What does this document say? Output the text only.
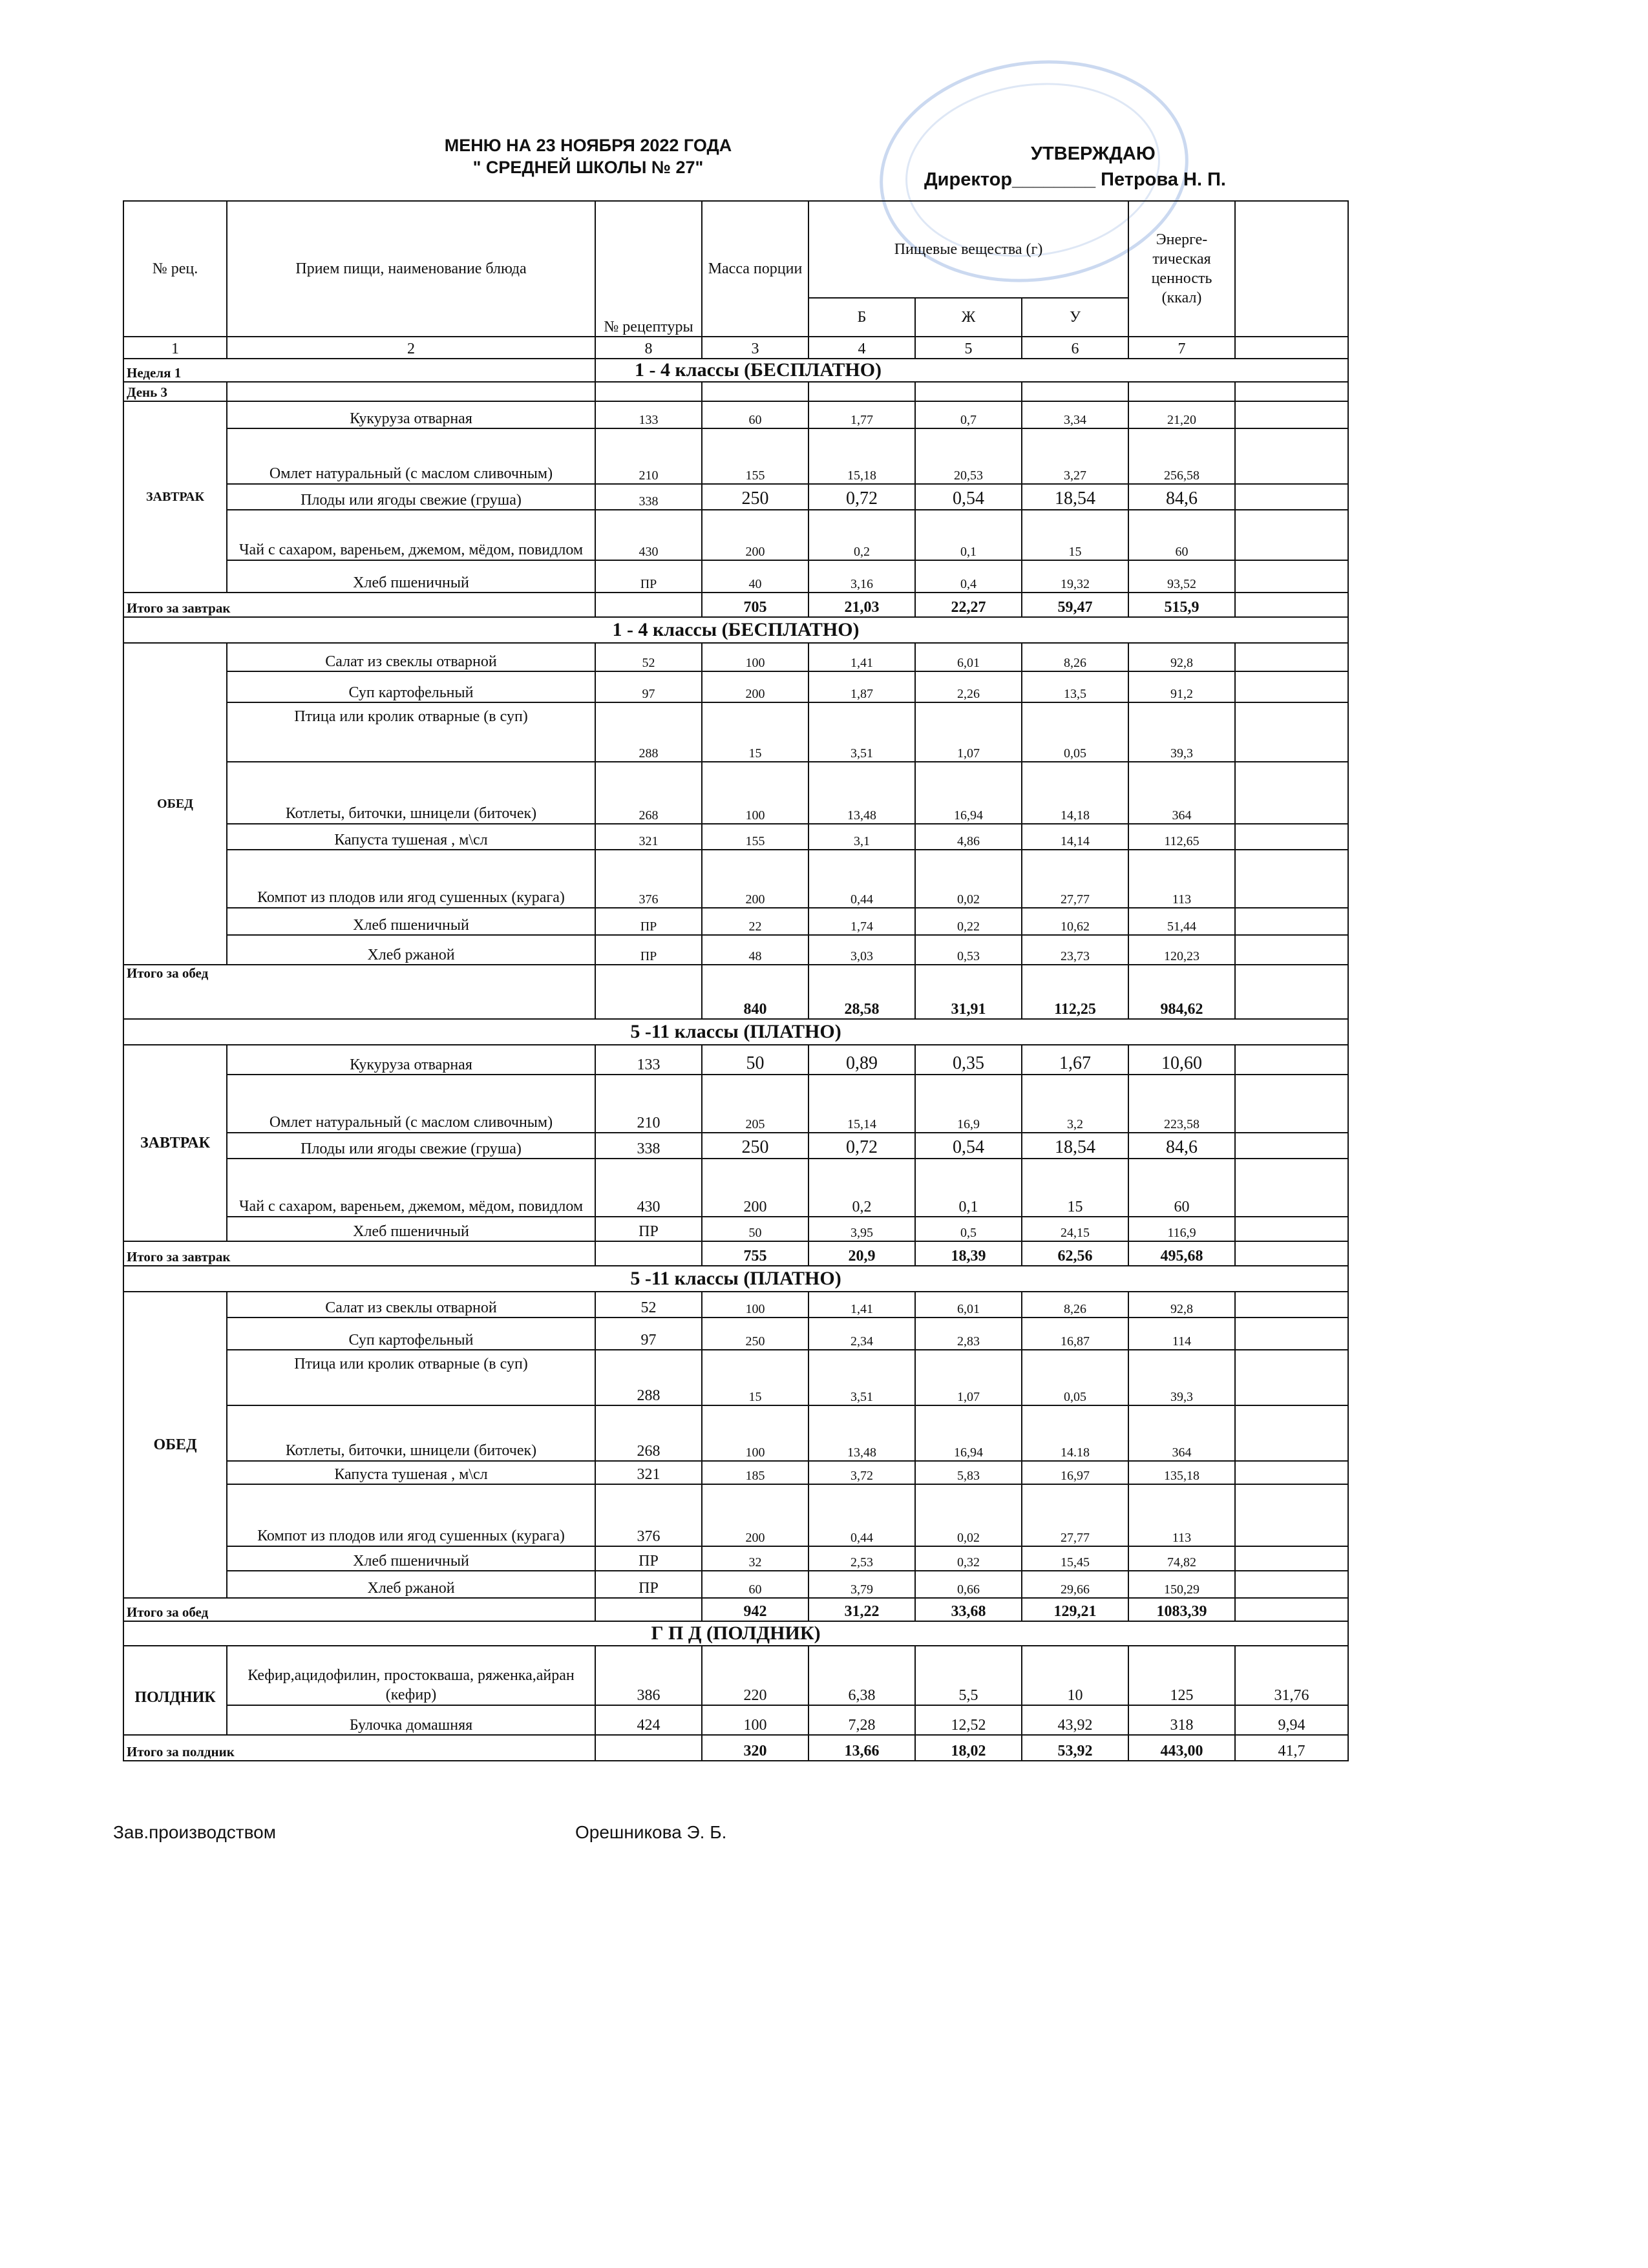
МЕНЮ НА 23 НОЯБРЯ 2022 ГОДА
" СРЕДНЕЙ ШКОЛЫ № 27"
УТВЕРЖДАЮ
Директор________ Петрова Н. П.
№ рец.	Прием пищи, наименование блюда	№ рецептуры	Масса порции	Пищевые вещества (г)			Энерге-тическая ценность (ккал)	
				Б	Ж	У		
1	2	8	3	4	5	6	7	
Неделя 1		1 - 4 классы (БЕСПЛАТНО)						
День 3								
ЗАВТРАК	Кукуруза отварная	133	60	1,77	0,7	3,34	21,20	
	Омлет натуральный (с маслом сливочным)	210	155	15,18	20,53	3,27	256,58	
	Плоды или ягоды свежие (груша)	338	250	0,72	0,54	18,54	84,6	
	Чай с сахаром, вареньем, джемом, мёдом, повидлом	430	200	0,2	0,1	15	60	
	Хлеб пшеничный	ПР	40	3,16	0,4	19,32	93,52	
Итого за завтрак			705	21,03	22,27	59,47	515,9	
1 - 4 классы (БЕСПЛАТНО)								
ОБЕД	Салат из свеклы отварной	52	100	1,41	6,01	8,26	92,8	
	Суп картофельный	97	200	1,87	2,26	13,5	91,2	
	Птица или кролик отварные (в суп)	288	15	3,51	1,07	0,05	39,3	
	Котлеты, биточки, шницели (биточек)	268	100	13,48	16,94	14,18	364	
	Капуста тушеная , м\сл	321	155	3,1	4,86	14,14	112,65	
	Компот из плодов или ягод сушенных (курага)	376	200	0,44	0,02	27,77	113	
	Хлеб пшеничный	ПР	22	1,74	0,22	10,62	51,44	
	Хлеб ржаной	ПР	48	3,03	0,53	23,73	120,23	
Итого за обед			840	28,58	31,91	112,25	984,62	
5 -11 классы (ПЛАТНО)								
ЗАВТРАК	Кукуруза отварная	133	50	0,89	0,35	1,67	10,60	
	Омлет натуральный (с маслом сливочным)	210	205	15,14	16,9	3,2	223,58	
	Плоды или ягоды свежие (груша)	338	250	0,72	0,54	18,54	84,6	
	Чай с сахаром, вареньем, джемом, мёдом, повидлом	430	200	0,2	0,1	15	60	
	Хлеб пшеничный	ПР	50	3,95	0,5	24,15	116,9	
Итого за завтрак			755	20,9	18,39	62,56	495,68	
5 -11 классы (ПЛАТНО)								
ОБЕД	Салат из свеклы отварной	52	100	1,41	6,01	8,26	92,8	
	Суп картофельный	97	250	2,34	2,83	16,87	114	
	Птица или кролик отварные (в суп)	288	15	3,51	1,07	0,05	39,3	
	Котлеты, биточки, шницели (биточек)	268	100	13,48	16,94	14.18	364	
	Капуста тушеная , м\сл	321	185	3,72	5,83	16,97	135,18	
	Компот из плодов или ягод сушенных (курага)	376	200	0,44	0,02	27,77	113	
	Хлеб пшеничный	ПР	32	2,53	0,32	15,45	74,82	
	Хлеб ржаной	ПР	60	3,79	0,66	29,66	150,29	
Итого за обед			942	31,22	33,68	129,21	1083,39	
Г П Д (ПОЛДНИК)								
ПОЛДНИК	Кефир,ацидофилин, простокваша, ряженка,айран (кефир)	386	220	6,38	5,5	10	125	31,76
	Булочка домашняя	424	100	7,28	12,52	43,92	318	9,94
Итого за полдник			320	13,66	18,02	53,92	443,00	41,7
Зав.производством	Орешникова Э. Б.
